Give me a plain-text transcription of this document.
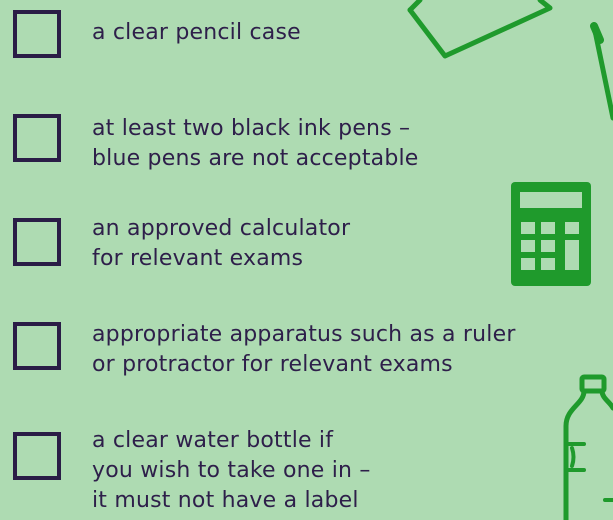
a clear pencil case
at least two black ink pens –
blue pens are not acceptable
an approved calculator
for relevant exams
appropriate apparatus such as a ruler
or protractor for relevant exams
a clear water bottle if
you wish to take one in –
it must not have a label
